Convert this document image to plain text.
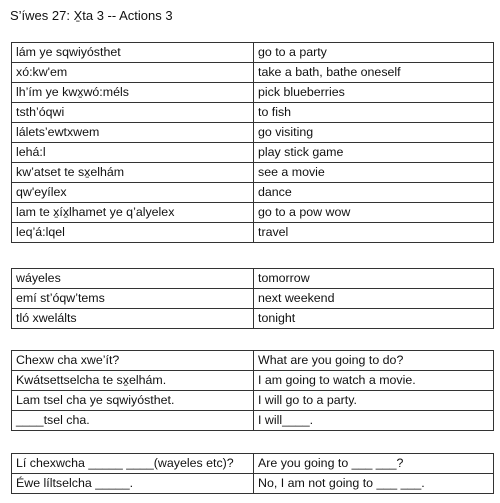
S’íwes 27: X̱ta 3 -- Actions 3
lám ye sqwiyósthet	go to a party
xó:kw'em	take a bath, bathe oneself
lh’ím ye kwx̱wó:méls	pick blueberries
tsth’óqwi	to fish
lálets’ewtxwem	go visiting
lehá:l	play stick game
kw’atset te sx̱elhám	see a movie
qw'eyílex	dance
lam te x̱íx̱lhamet ye q’alyelex	go to a pow wow
leq’á:lqel	travel
wáyeles	tomorrow
emí st’óqw’tems	next weekend
tló xwelálts	tonight
Chexw cha xwe’ít?	What are you going to do?
Kwátsettselcha te sx̱elhám.	I am going to watch a movie.
Lam tsel cha ye sqwiyósthet.	I will go to a party.
____tsel cha.	I will____.
Lí chexwcha _____ ____(wayeles etc)?	Are you going to ___ ___?
Éwe líltselcha _____.	No, I am not going to ___ ___.
